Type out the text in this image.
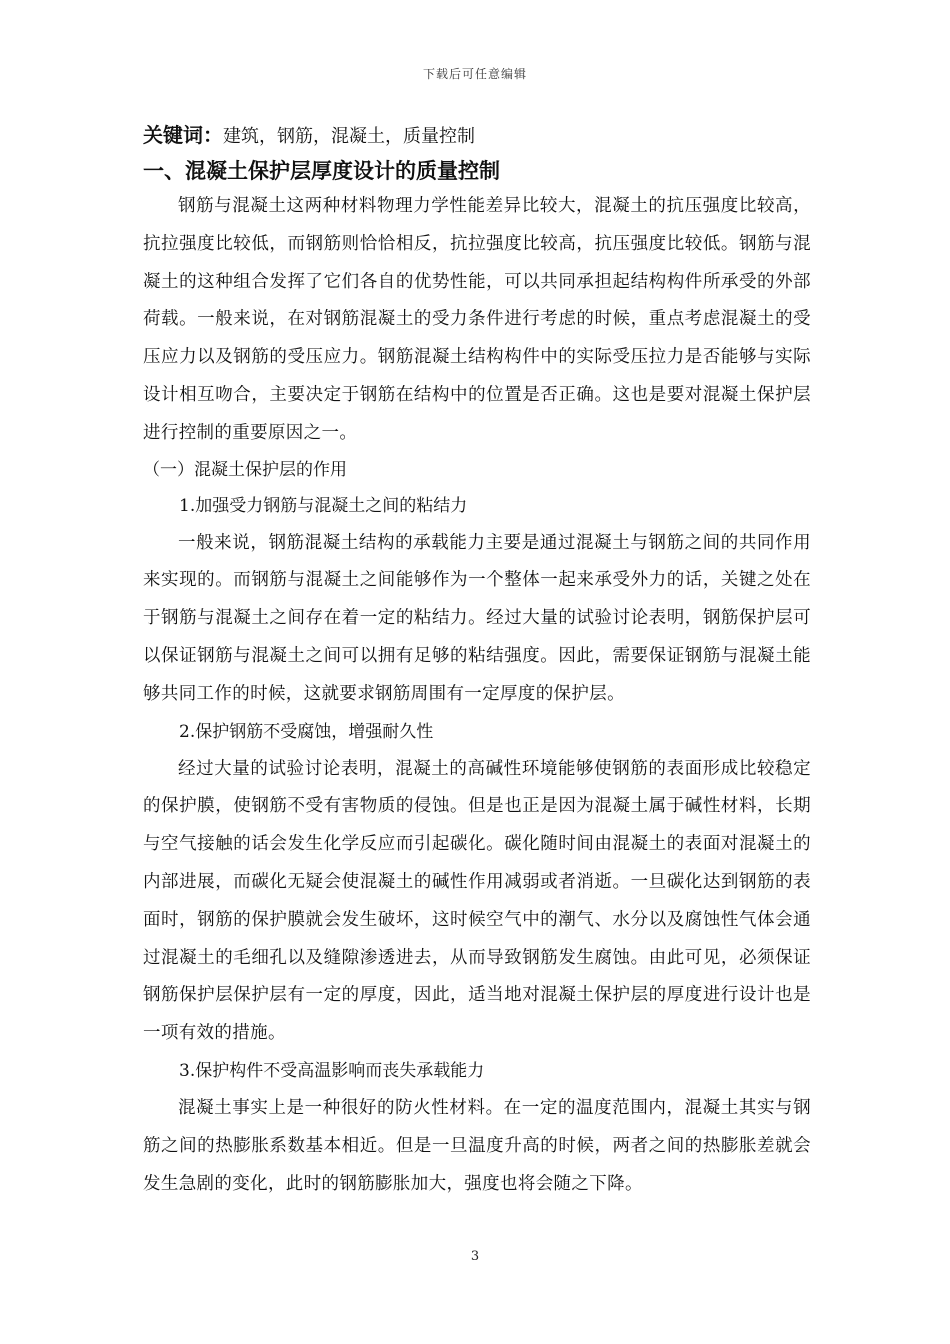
下载后可任意编辑

关键词：建筑，钢筋，混凝土，质量控制

一、混凝土保护层厚度设计的质量控制

钢筋与混凝土这两种材料物理力学性能差异比较大，混凝土的抗压强度比较高，抗拉强度比较低，而钢筋则恰恰相反，抗拉强度比较高，抗压强度比较低。钢筋与混凝土的这种组合发挥了它们各自的优势性能，可以共同承担起结构构件所承受的外部荷载。一般来说，在对钢筋混凝土的受力条件进行考虑的时候，重点考虑混凝土的受压应力以及钢筋的受压应力。钢筋混凝土结构构件中的实际受压拉力是否能够与实际设计相互吻合，主要决定于钢筋在结构中的位置是否正确。这也是要对混凝土保护层进行控制的重要原因之一。

（一）混凝土保护层的作用

1.加强受力钢筋与混凝土之间的粘结力

一般来说，钢筋混凝土结构的承载能力主要是通过混凝土与钢筋之间的共同作用来实现的。而钢筋与混凝土之间能够作为一个整体一起来承受外力的话，关键之处在于钢筋与混凝土之间存在着一定的粘结力。经过大量的试验讨论表明，钢筋保护层可以保证钢筋与混凝土之间可以拥有足够的粘结强度。因此，需要保证钢筋与混凝土能够共同工作的时候，这就要求钢筋周围有一定厚度的保护层。

2.保护钢筋不受腐蚀，增强耐久性

经过大量的试验讨论表明，混凝土的高碱性环境能够使钢筋的表面形成比较稳定的保护膜，使钢筋不受有害物质的侵蚀。但是也正是因为混凝土属于碱性材料，长期与空气接触的话会发生化学反应而引起碳化。碳化随时间由混凝土的表面对混凝土的内部进展，而碳化无疑会使混凝土的碱性作用减弱或者消逝。一旦碳化达到钢筋的表面时，钢筋的保护膜就会发生破坏，这时候空气中的潮气、水分以及腐蚀性气体会通过混凝土的毛细孔以及缝隙渗透进去，从而导致钢筋发生腐蚀。由此可见，必须保证钢筋保护层保护层有一定的厚度，因此，适当地对混凝土保护层的厚度进行设计也是一项有效的措施。

3.保护构件不受高温影响而丧失承载能力

混凝土事实上是一种很好的防火性材料。在一定的温度范围内，混凝土其实与钢筋之间的热膨胀系数基本相近。但是一旦温度升高的时候，两者之间的热膨胀差就会发生急剧的变化，此时的钢筋膨胀加大，强度也将会随之下降。

3
